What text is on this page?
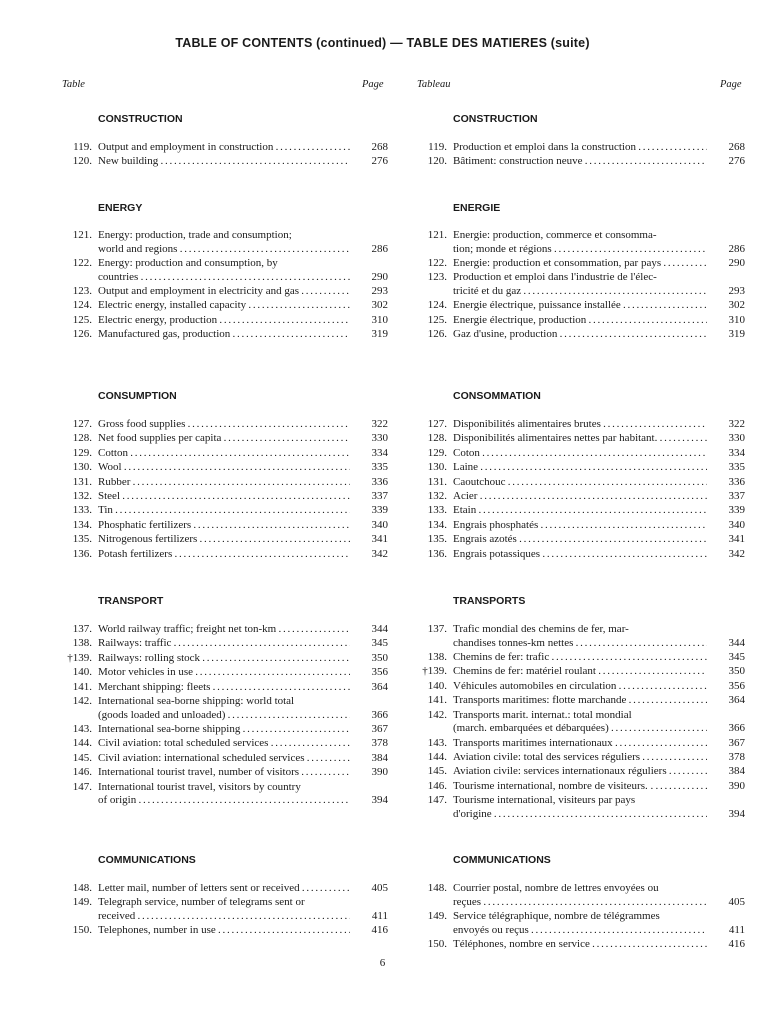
TABLE OF CONTENTS (continued) — TABLE DES MATIERES (suite)
Table	Page	Tableau	Page
CONSTRUCTION
119. Output and employment in construction . . .	268
120. New building . . .	276
ENERGY
121. Energy: production, trade and consumption;
world and regions . . .	286
122. Energy: production and consumption, by
countries . . .	290
123. Output and employment in electricity and gas . . .	293
124. Electric energy, installed capacity . . .	302
125. Electric energy, production . . .	310
126. Manufactured gas, production . . .	319
CONSUMPTION
127. Gross food supplies . . .	322
128. Net food supplies per capita . . .	330
129. Cotton . . .	334
130. Wool . . .	335
131. Rubber . . .	336
132. Steel . . .	337
133. Tin . . .	339
134. Phosphatic fertilizers . . .	340
135. Nitrogenous fertilizers . . .	341
136. Potash fertilizers . . .	342
TRANSPORT
137. World railway traffic; freight net ton-km . . .	344
138. Railways: traffic . . .	345
†139. Railways: rolling stock . . .	350
140. Motor vehicles in use . . .	356
141. Merchant shipping: fleets . . .	364
142. International sea-borne shipping: world total
(goods loaded and unloaded) . . .	366
143. International sea-borne shipping . . .	367
144. Civil aviation: total scheduled services . . .	378
145. Civil aviation: international scheduled services . . .	384
146. International tourist travel, number of visitors . . .	390
147. International tourist travel, visitors by country
of origin . . .	394
COMMUNICATIONS
148. Letter mail, number of letters sent or received . . .	405
149. Telegraph service, number of telegrams sent or
received . . .	411
150. Telephones, number in use . . .	416
CONSTRUCTION
119. Production et emploi dans la construction . . .	268
120. Bâtiment: construction neuve . . .	276
ENERGIE
121. Energie: production, commerce et consomma-
tion; monde et régions . . .	286
122. Energie: production et consommation, par pays . . .	290
123. Production et emploi dans l'industrie de l'élec-
tricité et du gaz . . .	293
124. Energie électrique, puissance installée . . .	302
125. Energie électrique, production . . .	310
126. Gaz d'usine, production . . .	319
CONSOMMATION
127. Disponibilités alimentaires brutes . . .	322
128. Disponibilités alimentaires nettes par habitant. . . .	330
129. Coton . . .	334
130. Laine . . .	335
131. Caoutchouc . . .	336
132. Acier . . .	337
133. Etain . . .	339
134. Engrais phosphatés . . .	340
135. Engrais azotés . . .	341
136. Engrais potassiques . . .	342
TRANSPORTS
137. Trafic mondial des chemins de fer, mar-
chandises tonnes-km nettes . . .	344
138. Chemins de fer: trafic . . .	345
†139. Chemins de fer: matériel roulant . . .	350
140. Véhicules automobiles en circulation . . .	356
141. Transports maritimes: flotte marchande . . .	364
142. Transports marit. internat.: total mondial
(march. embarquées et débarquées) . . .	366
143. Transports maritimes internationaux . . .	367
144. Aviation civile: total des services réguliers . . .	378
145. Aviation civile: services internationaux réguliers . . .	384
146. Tourisme international, nombre de visiteurs. . . . .	390
147. Tourisme international, visiteurs par pays
d'origine . . .	394
COMMUNICATIONS
148. Courrier postal, nombre de lettres envoyées ou
reçues . . .	405
149. Service télégraphique, nombre de télégrammes
envoyés ou reçus . . .	411
150. Téléphones, nombre en service . . .	416
6
